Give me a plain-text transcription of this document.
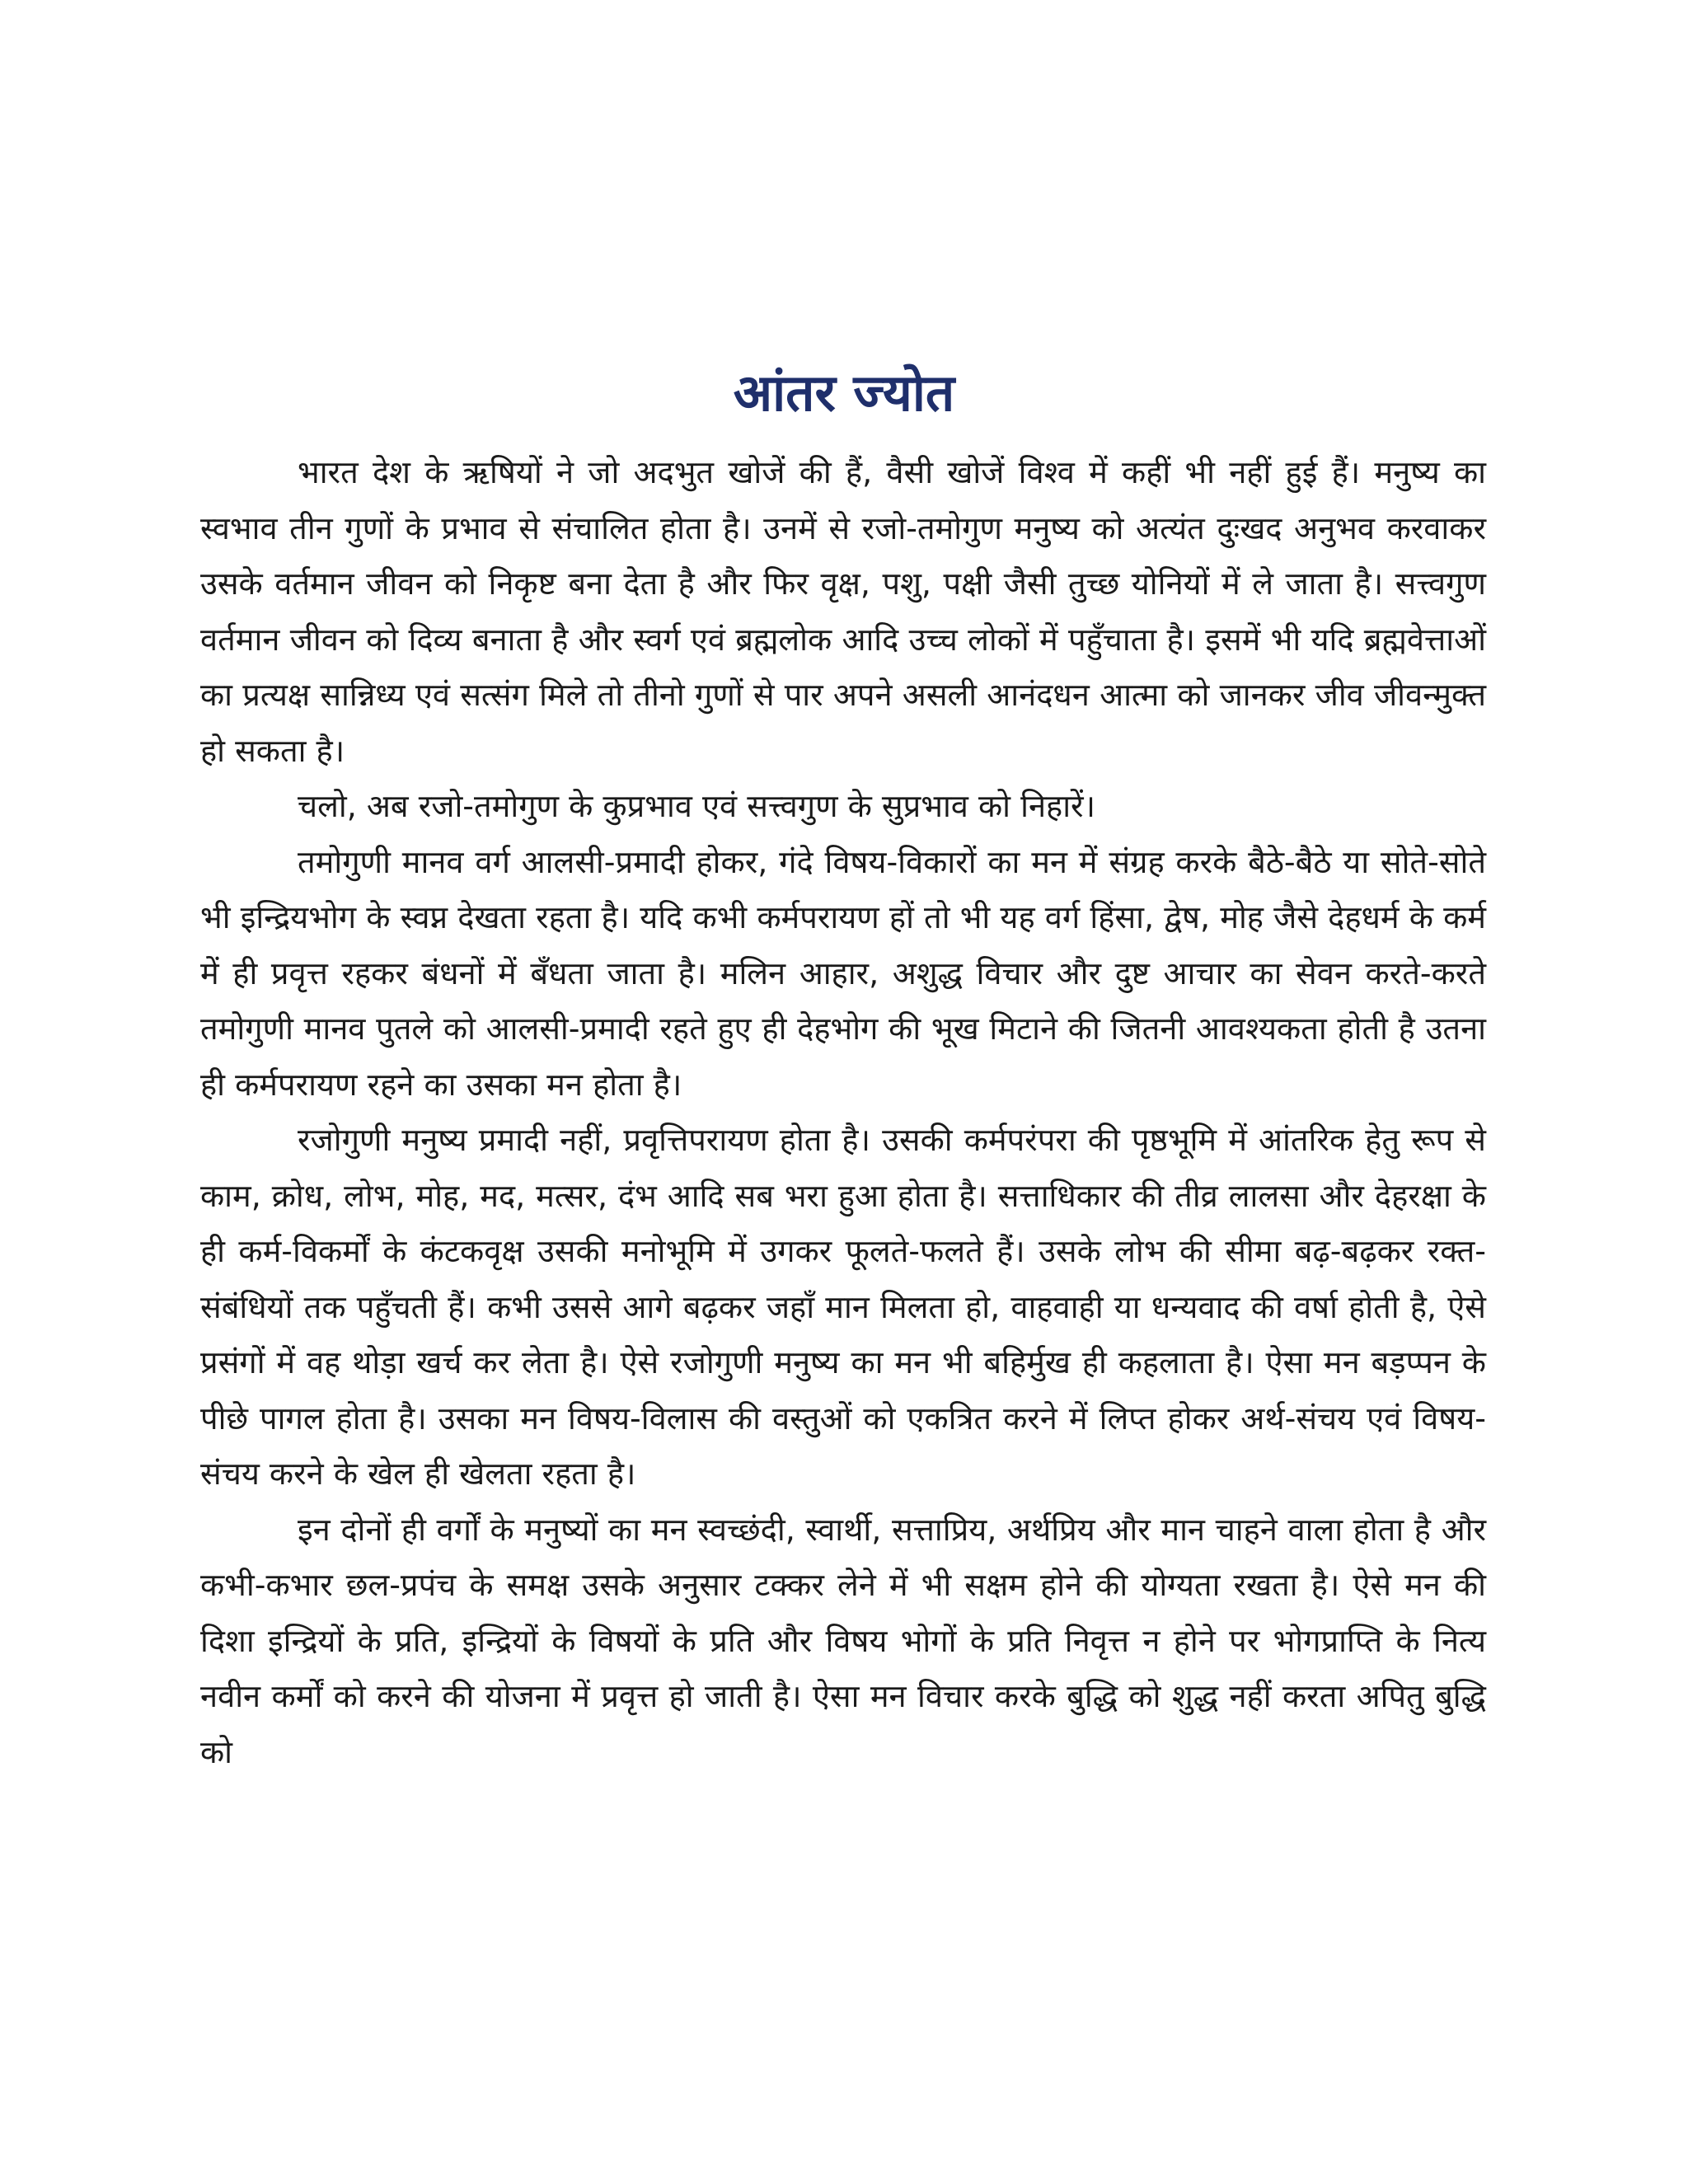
आंतर ज्योत

भारत देश के ऋषियों ने जो अदभुत खोजें की हैं, वैसी खोजें विश्व में कहीं भी नहीं हुई हैं। मनुष्य का स्वभाव तीन गुणों के प्रभाव से संचालित होता है। उनमें से रजो-तमोगुण मनुष्य को अत्यंत दुःखद अनुभव करवाकर उसके वर्तमान जीवन को निकृष्ट बना देता है और फिर वृक्ष, पशु, पक्षी जैसी तुच्छ योनियों में ले जाता है। सत्त्वगुण वर्तमान जीवन को दिव्य बनाता है और स्वर्ग एवं ब्रह्मलोक आदि उच्च लोकों में पहुँचाता है। इसमें भी यदि ब्रह्मवेत्ताओं का प्रत्यक्ष सान्निध्य एवं सत्संग मिले तो तीनो गुणों से पार अपने असली आनंदधन आत्मा को जानकर जीव जीवन्मुक्त हो सकता है।

चलो, अब रजो-तमोगुण के कुप्रभाव एवं सत्त्वगुण के सुप्रभाव को निहारें।

तमोगुणी मानव वर्ग आलसी-प्रमादी होकर, गंदे विषय-विकारों का मन में संग्रह करके बैठे-बैठे या सोते-सोते भी इन्द्रियभोग के स्वप्न देखता रहता है। यदि कभी कर्मपरायण हों तो भी यह वर्ग हिंसा, द्वेष, मोह जैसे देहधर्म के कर्म में ही प्रवृत्त रहकर बंधनों में बँधता जाता है। मलिन आहार, अशुद्ध विचार और दुष्ट आचार का सेवन करते-करते तमोगुणी मानव पुतले को आलसी-प्रमादी रहते हुए ही देहभोग की भूख मिटाने की जितनी आवश्यकता होती है उतना ही कर्मपरायण रहने का उसका मन होता है।

रजोगुणी मनुष्य प्रमादी नहीं, प्रवृत्तिपरायण होता है। उसकी कर्मपरंपरा की पृष्ठभूमि में आंतरिक हेतु रूप से काम, क्रोध, लोभ, मोह, मद, मत्सर, दंभ आदि सब भरा हुआ होता है। सत्ताधिकार की तीव्र लालसा और देहरक्षा के ही कर्म-विकर्मों के कंटकवृक्ष उसकी मनोभूमि में उगकर फूलते-फलते हैं। उसके लोभ की सीमा बढ़-बढ़कर रक्त-संबंधियों तक पहुँचती हैं। कभी उससे आगे बढ़कर जहाँ मान मिलता हो, वाहवाही या धन्यवाद की वर्षा होती है, ऐसे प्रसंगों में वह थोड़ा खर्च कर लेता है। ऐसे रजोगुणी मनुष्य का मन भी बहिर्मुख ही कहलाता है। ऐसा मन बड़प्पन के पीछे पागल होता है। उसका मन विषय-विलास की वस्तुओं को एकत्रित करने में लिप्त होकर अर्थ-संचय एवं विषय-संचय करने के खेल ही खेलता रहता है।

इन दोनों ही वर्गों के मनुष्यों का मन स्वच्छंदी, स्वार्थी, सत्ताप्रिय, अर्थप्रिय और मान चाहने वाला होता है और कभी-कभार छल-प्रपंच के समक्ष उसके अनुसार टक्कर लेने में भी सक्षम होने की योग्यता रखता है। ऐसे मन की दिशा इन्द्रियों के प्रति, इन्द्रियों के विषयों के प्रति और विषय भोगों के प्रति निवृत्त न होने पर भोगप्राप्ति के नित्य नवीन कर्मों को करने की योजना में प्रवृत्त हो जाती है। ऐसा मन विचार करके बुद्धि को शुद्ध नहीं करता अपितु बुद्धि को
